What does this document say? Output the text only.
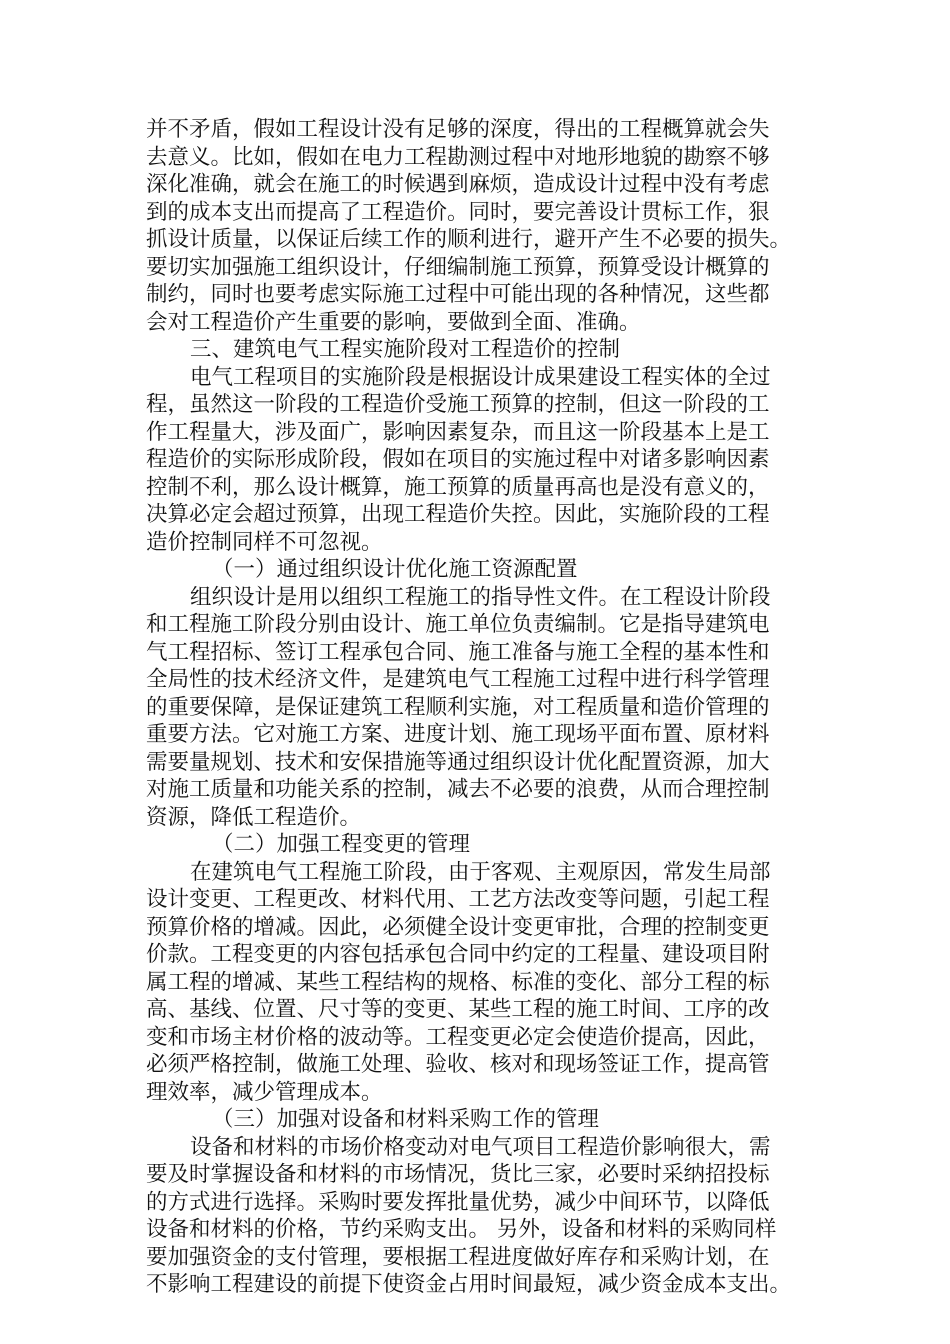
并不矛盾，假如工程设计没有足够的深度，得出的工程概算就会失
去意义。比如，假如在电力工程勘测过程中对地形地貌的勘察不够
深化准确，就会在施工的时候遇到麻烦，造成设计过程中没有考虑
到的成本支出而提高了工程造价。同时，要完善设计贯标工作，狠
抓设计质量，以保证后续工作的顺利进行，避开产生不必要的损失。
要切实加强施工组织设计，仔细编制施工预算，预算受设计概算的
制约，同时也要考虑实际施工过程中可能出现的各种情况，这些都
会对工程造价产生重要的影响，要做到全面、准确。
三、建筑电气工程实施阶段对工程造价的控制
电气工程项目的实施阶段是根据设计成果建设工程实体的全过
程，虽然这一阶段的工程造价受施工预算的控制，但这一阶段的工
作工程量大，涉及面广，影响因素复杂，而且这一阶段基本上是工
程造价的实际形成阶段，假如在项目的实施过程中对诸多影响因素
控制不利，那么设计概算，施工预算的质量再高也是没有意义的，
决算必定会超过预算，出现工程造价失控。因此，实施阶段的工程
造价控制同样不可忽视。
（一）通过组织设计优化施工资源配置
组织设计是用以组织工程施工的指导性文件。在工程设计阶段
和工程施工阶段分别由设计、施工单位负责编制。它是指导建筑电
气工程招标、签订工程承包合同、施工准备与施工全程的基本性和
全局性的技术经济文件，是建筑电气工程施工过程中进行科学管理
的重要保障，是保证建筑工程顺利实施，对工程质量和造价管理的
重要方法。它对施工方案、进度计划、施工现场平面布置、原材料
需要量规划、技术和安保措施等通过组织设计优化配置资源，加大
对施工质量和功能关系的控制，减去不必要的浪费，从而合理控制
资源，降低工程造价。
（二）加强工程变更的管理
在建筑电气工程施工阶段，由于客观、主观原因，常发生局部
设计变更、工程更改、材料代用、工艺方法改变等问题，引起工程
预算价格的增减。因此，必须健全设计变更审批，合理的控制变更
价款。工程变更的内容包括承包合同中约定的工程量、建设项目附
属工程的增减、某些工程结构的规格、标准的变化、部分工程的标
高、基线、位置、尺寸等的变更、某些工程的施工时间、工序的改
变和市场主材价格的波动等。工程变更必定会使造价提高，因此，
必须严格控制，做施工处理、验收、核对和现场签证工作，提高管
理效率，减少管理成本。
（三）加强对设备和材料采购工作的管理
设备和材料的市场价格变动对电气项目工程造价影响很大，需
要及时掌握设备和材料的市场情况，货比三家，必要时采纳招投标
的方式进行选择。采购时要发挥批量优势，减少中间环节，以降低
设备和材料的价格，节约采购支出。 另外，设备和材料的采购同样
要加强资金的支付管理，要根据工程进度做好库存和采购计划，在
不影响工程建设的前提下使资金占用时间最短，减少资金成本支出。
